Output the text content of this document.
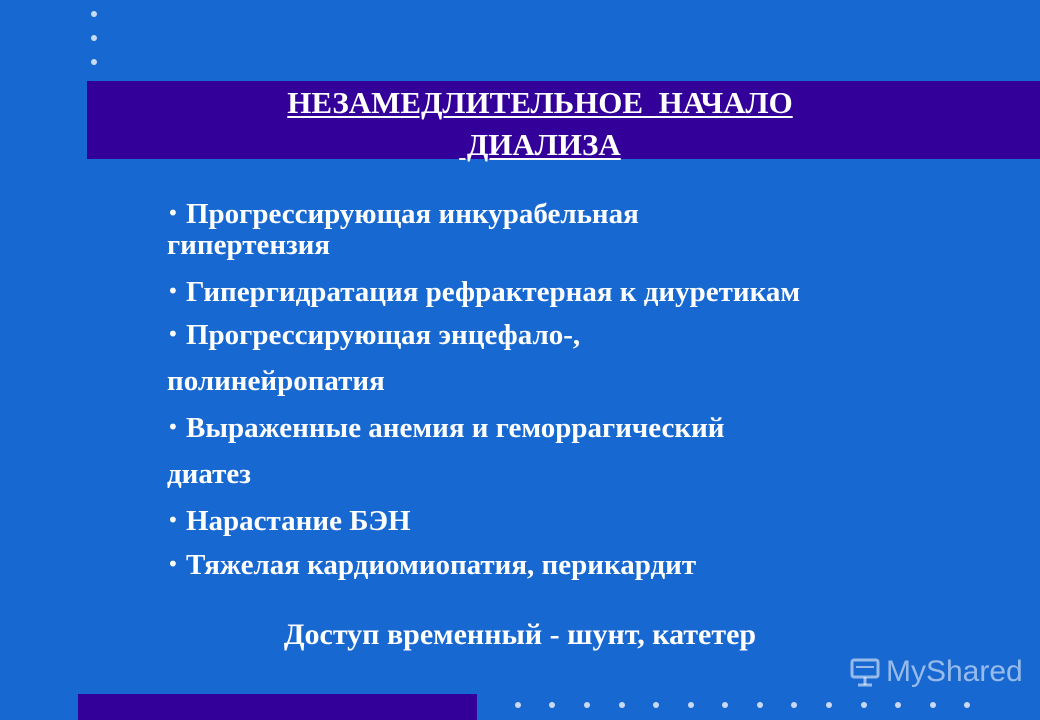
НЕЗАМЕДЛИТЕЛЬНОЕ  НАЧАЛО
ДИАЛИЗА
• Прогрессирующая инкурабельная
гипертензия
• Гипергидратация рефрактерная к диуретикам
• Прогрессирующая энцефало-,
полинейропатия
• Выраженные анемия и геморрагический
диатез
• Нарастание БЭН
• Тяжелая кардиомиопатия, перикардит
Доступ временный - шунт, катетер
MyShared
